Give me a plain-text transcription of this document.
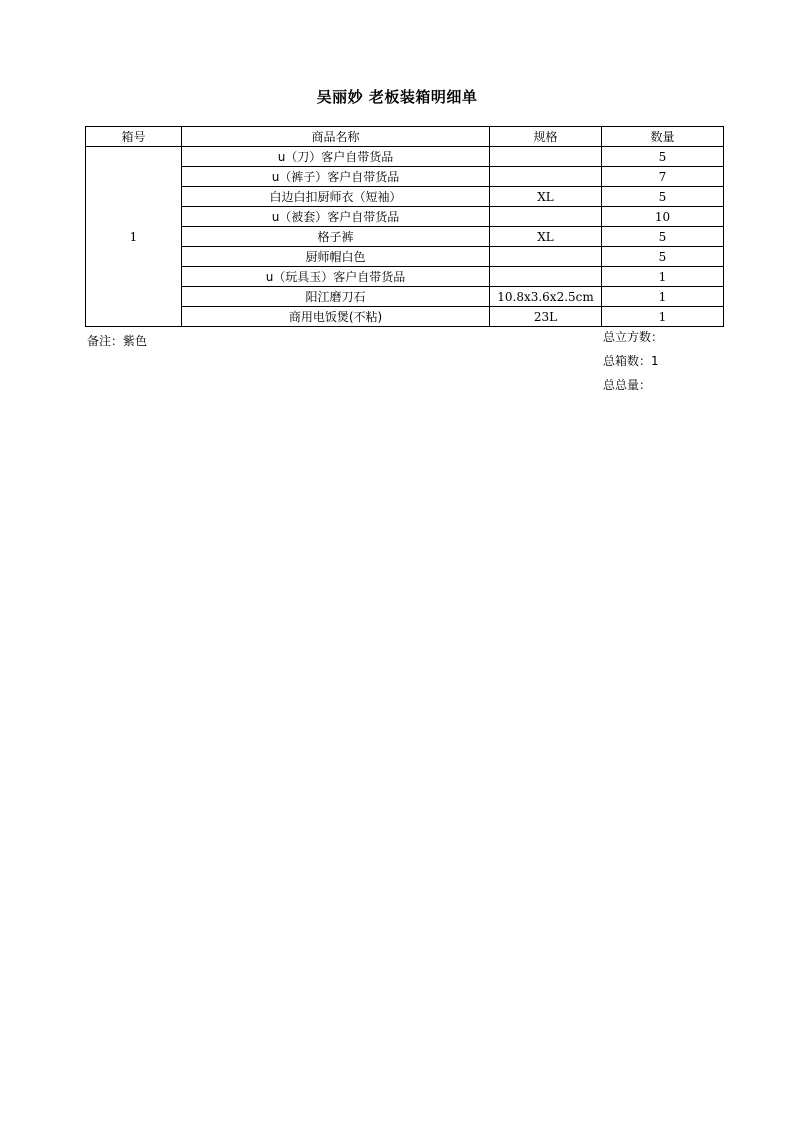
吴丽妙 老板装箱明细单
箱号	商品名称	规格	数量
1	u（刀）客户自带货品		5
	u（裤子）客户自带货品		7
	白边白扣厨师衣（短袖）	XL	5
	u（被套）客户自带货品		10
	格子裤	XL	5
	厨师帽白色		5
	u（玩具玉）客户自带货品		1
	阳江磨刀石	10.8x3.6x2.5cm	1
	商用电饭煲(不粘)	23L	1
备注：紫色	总立方数：
总箱数：1
总总量：
